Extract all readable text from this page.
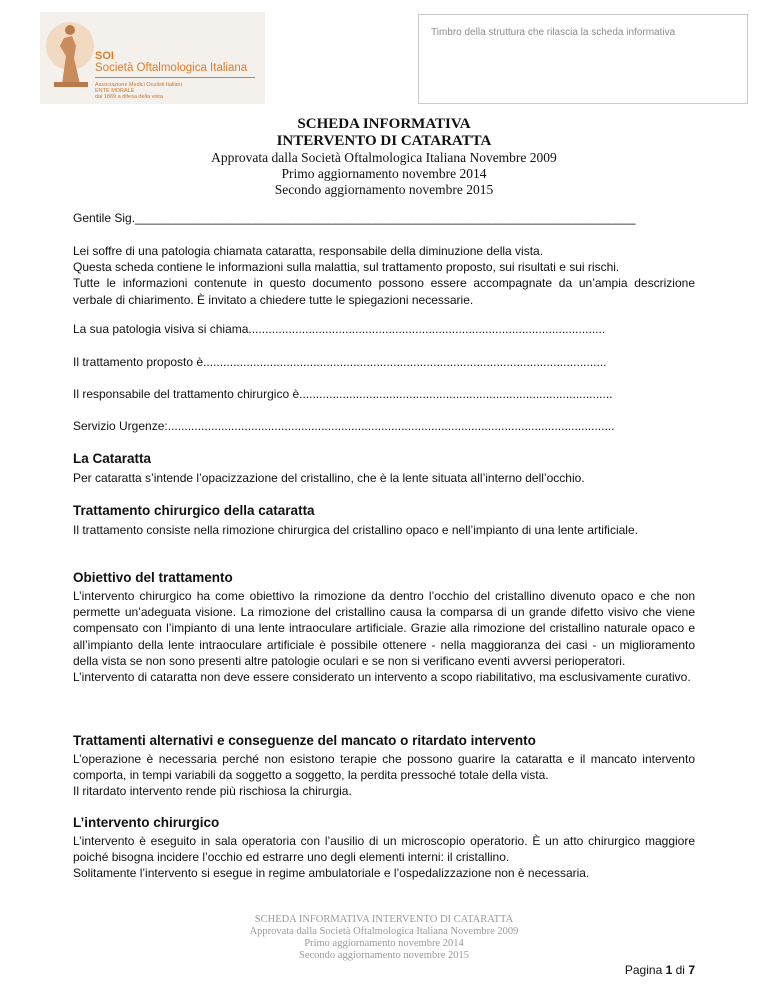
SOI
Società Oftalmologica Italiana
Associazione Medici Oculisti Italiani
ENTE MORALE
dal 1869 a difesa della vista
Timbro della struttura che rilascia la scheda informativa
SCHEDA INFORMATIVA
INTERVENTO DI CATARATTA
Approvata dalla Società Oftalmologica Italiana Novembre 2009
Primo aggiornamento novembre 2014
Secondo aggiornamento novembre 2015
Gentile Sig.___________________________________________________________________________
Lei soffre di una patologia chiamata cataratta, responsabile della diminuzione della vista.
Questa scheda contiene le informazioni sulla malattia, sul trattamento proposto, sui risultati e sui rischi.
Tutte le informazioni contenute in questo documento possono essere accompagnate da un’ampia descrizione verbale di chiarimento. È invitato a chiedere tutte le spiegazioni necessarie.
La sua patologia visiva si chiama...........................................................................................................
Il trattamento proposto è.........................................................................................................................
Il responsabile del trattamento chirurgico è..............................................................................................
Servizio Urgenze:......................................................................................................................................
La Cataratta
Per cataratta s’intende l’opacizzazione del cristallino, che è la lente situata all’interno dell’occhio.
Trattamento chirurgico della cataratta
Il trattamento consiste nella rimozione chirurgica del cristallino opaco e nell’impianto di una lente artificiale.
Obiettivo del trattamento
L’intervento chirurgico ha come obiettivo la rimozione da dentro l’occhio del cristallino divenuto opaco e che non permette un’adeguata visione. La rimozione del cristallino causa la comparsa di un grande difetto visivo che viene compensato con l’impianto di una lente intraoculare artificiale. Grazie alla rimozione del cristallino naturale opaco e all’impianto della lente intraoculare artificiale è possibile ottenere - nella maggioranza dei casi - un miglioramento della vista se non sono presenti altre patologie oculari e se non si verificano eventi avversi perioperatori.
L’intervento di cataratta non deve essere considerato un intervento a scopo riabilitativo, ma esclusivamente curativo.
Trattamenti alternativi e conseguenze del mancato o ritardato intervento
L’operazione è necessaria perché non esistono terapie che possono guarire la cataratta e il mancato intervento comporta, in tempi variabili da soggetto a soggetto, la perdita pressoché totale della vista.
Il ritardato intervento rende più rischiosa la chirurgia.
L’intervento chirurgico
L’intervento è eseguito in sala operatoria con l’ausilio di un microscopio operatorio. È un atto chirurgico maggiore poiché bisogna incidere l’occhio ed estrarre uno degli elementi interni: il cristallino.
Solitamente l’intervento si esegue in regime ambulatoriale e l’ospedalizzazione non è necessaria.
SCHEDA INFORMATIVA INTERVENTO DI CATARATTA
Approvata dalla Società Oftalmologica Italiana Novembre 2009
Primo aggiornamento novembre 2014
Secondo aggiornamento novembre 2015
Pagina 1 di 7
